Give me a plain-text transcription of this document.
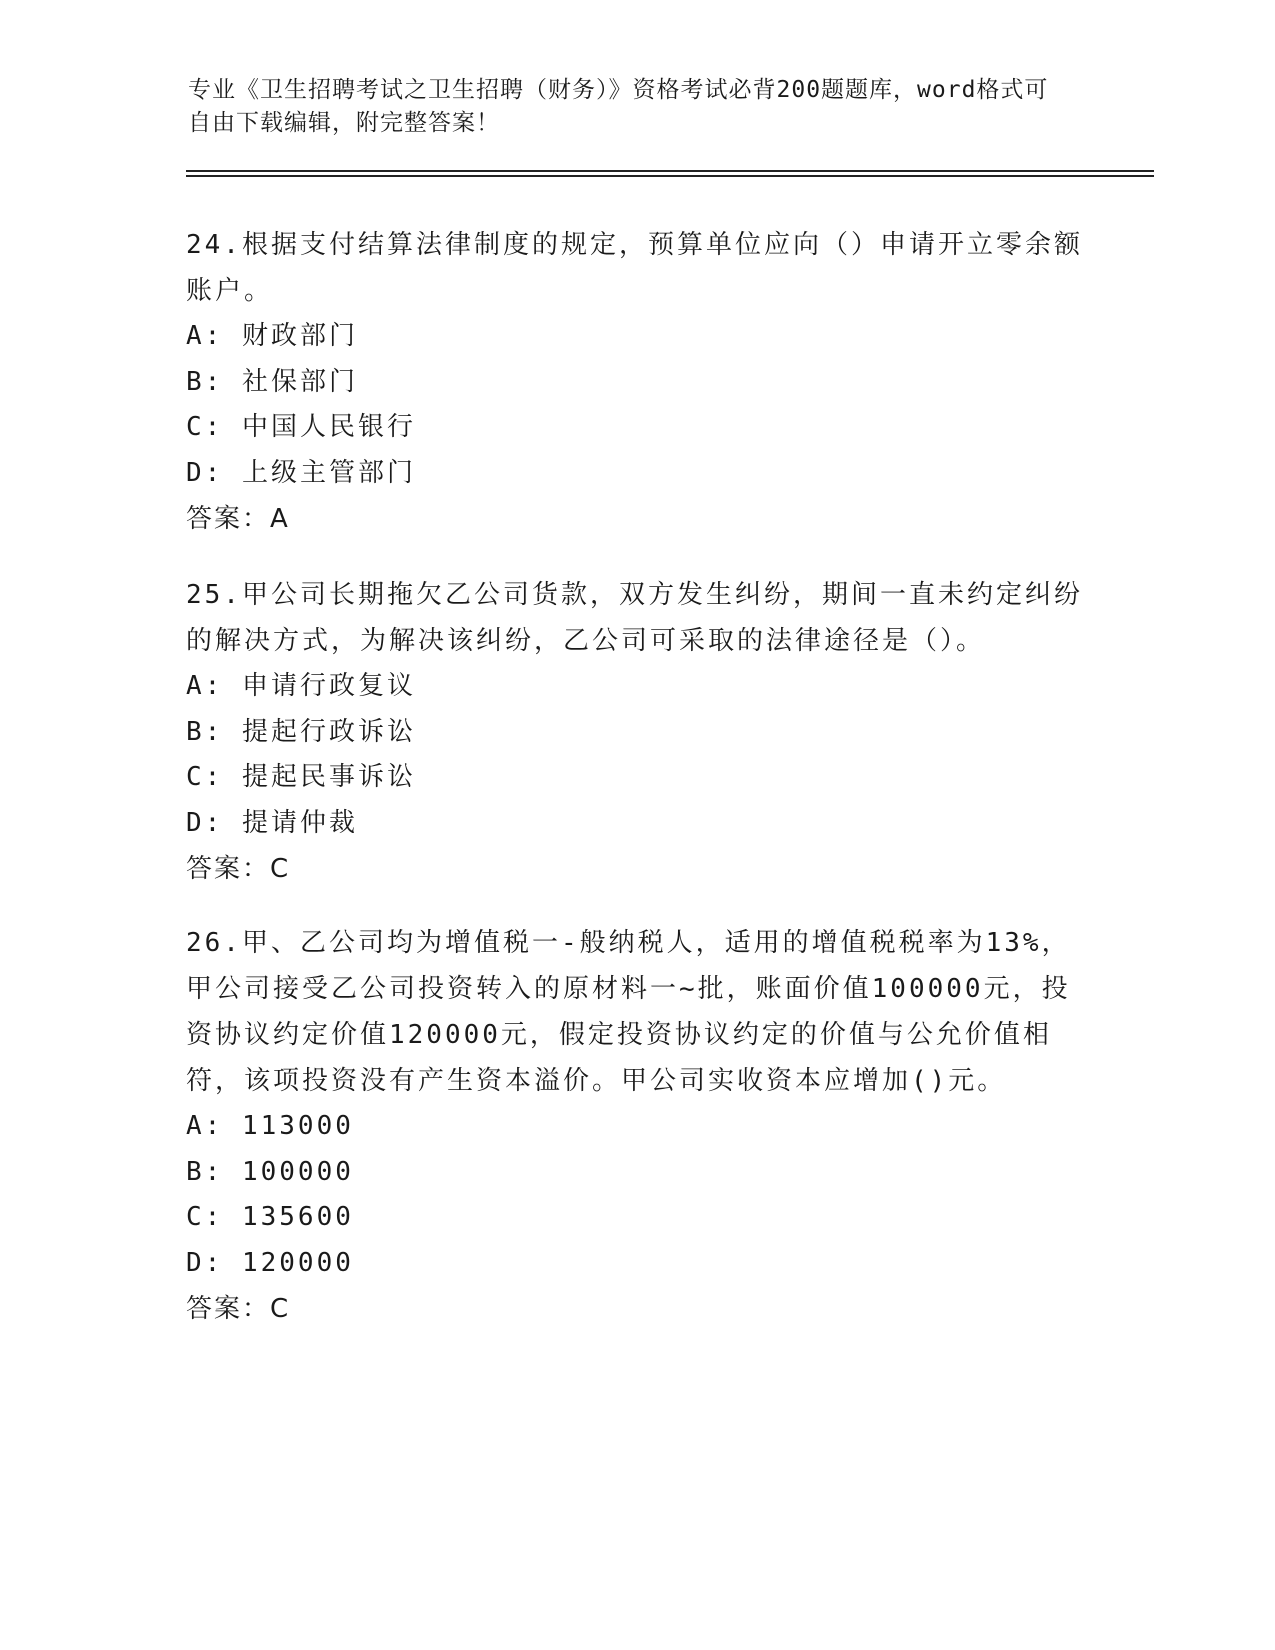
专业《卫生招聘考试之卫生招聘（财务）》资格考试必背200题题库，word格式可自由下载编辑，附完整答案！

24.根据支付结算法律制度的规定，预算单位应向（）申请开立零余额账户。

A: 财政部门

B: 社保部门

C: 中国人民银行

D: 上级主管部门

答案：A

25.甲公司长期拖欠乙公司货款，双方发生纠纷，期间一直未约定纠纷的解决方式，为解决该纠纷，乙公司可采取的法律途径是（）。

A: 申请行政复议

B: 提起行政诉讼

C: 提起民事诉讼

D: 提请仲裁

答案：C

26.甲、乙公司均为增值税一-般纳税人，适用的增值税税率为13%，甲公司接受乙公司投资转入的原材料一~批，账面价值100000元，投资协议约定价值120000元，假定投资协议约定的价值与公允价值相符，该项投资没有产生资本溢价。甲公司实收资本应增加()元。

A: 113000

B: 100000

C: 135600

D: 120000

答案：C
